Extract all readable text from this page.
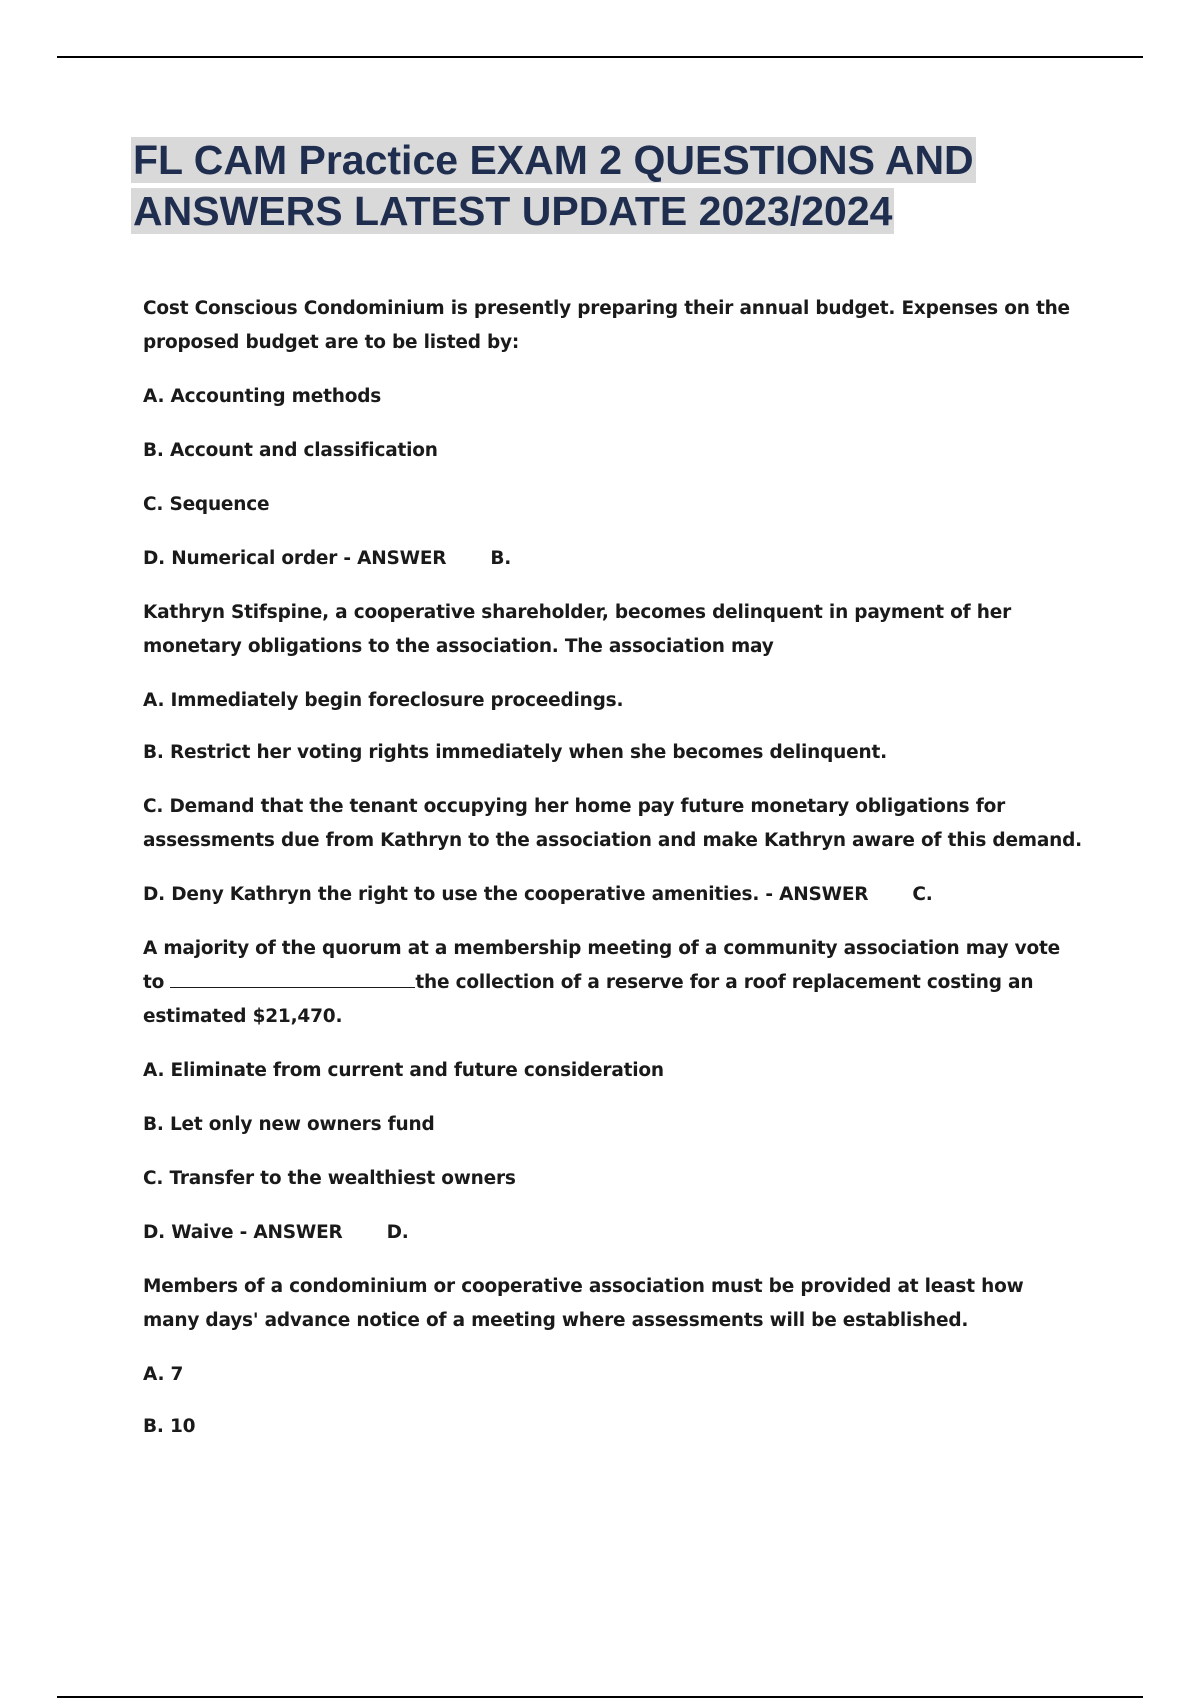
FL CAM Practice EXAM 2 QUESTIONS AND
ANSWERS LATEST UPDATE 2023/2024

Cost Conscious Condominium is presently preparing their annual budget. Expenses on the proposed budget are to be listed by:

A. Accounting methods

B. Account and classification

C. Sequence

D. Numerical order - ANSWER B.

Kathryn Stifspine, a cooperative shareholder, becomes delinquent in payment of her monetary obligations to the association. The association may

A. Immediately begin foreclosure proceedings.

B. Restrict her voting rights immediately when she becomes delinquent.

C. Demand that the tenant occupying her home pay future monetary obligations for assessments due from Kathryn to the association and make Kathryn aware of this demand.

D. Deny Kathryn the right to use the cooperative amenities. - ANSWER C.

A majority of the quorum at a membership meeting of a community association may vote to	the collection of a reserve for a roof replacement costing an estimated $21,470.

A. Eliminate from current and future consideration

B. Let only new owners fund

C. Transfer to the wealthiest owners

D. Waive - ANSWER D.

Members of a condominium or cooperative association must be provided at least how many days' advance notice of a meeting where assessments will be established.

A. 7

B. 10
